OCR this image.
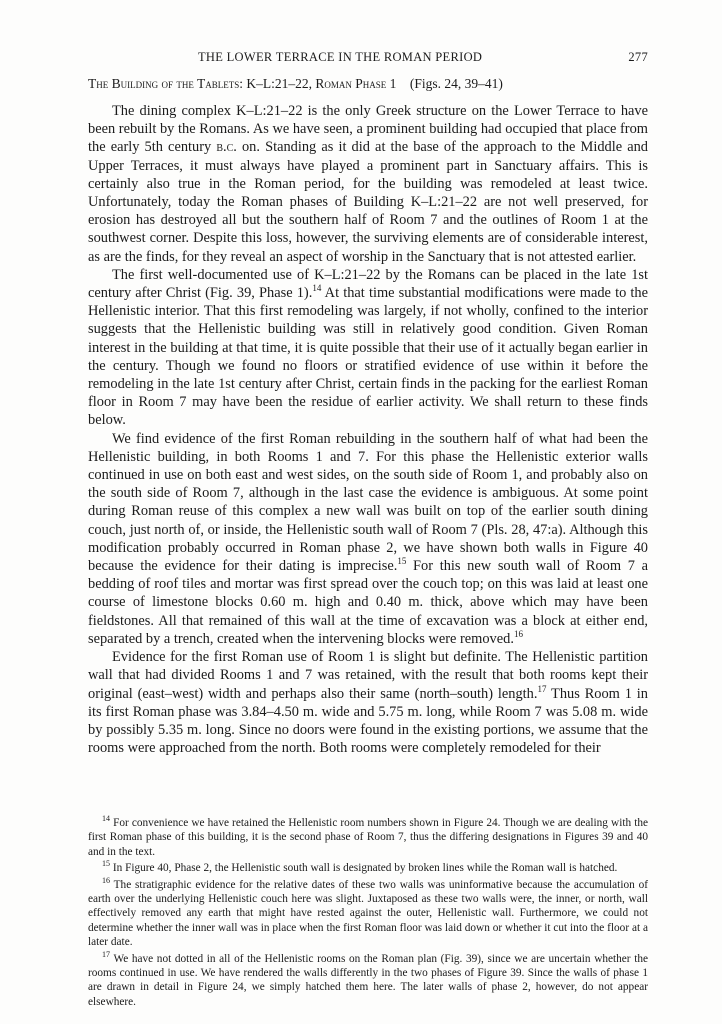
THE LOWER TERRACE IN THE ROMAN PERIOD	277
The Building of the Tablets: K–L:21–22, Roman Phase 1 (Figs. 24, 39–41)

The dining complex K–L:21–22 is the only Greek structure on the Lower Terrace to have been rebuilt by the Romans. As we have seen, a prominent building had occupied that place from the early 5th century b.c. on. Standing as it did at the base of the approach to the Middle and Upper Terraces, it must always have played a prominent part in Sanctuary affairs. This is certainly also true in the Roman period, for the building was remodeled at least twice. Unfortunately, today the Roman phases of Building K–L:21–22 are not well preserved, for erosion has destroyed all but the southern half of Room 7 and the outlines of Room 1 at the southwest corner. Despite this loss, however, the surviving elements are of considerable interest, as are the finds, for they reveal an aspect of worship in the Sanctuary that is not attested earlier.

The first well-documented use of K–L:21–22 by the Romans can be placed in the late 1st century after Christ (Fig. 39, Phase 1).$^{14}$ At that time substantial modifications were made to the Hellenistic interior. That this first remodeling was largely, if not wholly, confined to the interior suggests that the Hellenistic building was still in relatively good condition. Given Roman interest in the building at that time, it is quite possible that their use of it actually began earlier in the century. Though we found no floors or stratified evidence of use within it before the remodeling in the late 1st century after Christ, certain finds in the packing for the earliest Roman floor in Room 7 may have been the residue of earlier activity. We shall return to these finds below.

We find evidence of the first Roman rebuilding in the southern half of what had been the Hellenistic building, in both Rooms 1 and 7. For this phase the Hellenistic exterior walls continued in use on both east and west sides, on the south side of Room 1, and probably also on the south side of Room 7, although in the last case the evidence is ambiguous. At some point during Roman reuse of this complex a new wall was built on top of the earlier south dining couch, just north of, or inside, the Hellenistic south wall of Room 7 (Pls. 28, 47:a). Although this modification probably occurred in Roman phase 2, we have shown both walls in Figure 40 because the evidence for their dating is imprecise.$^{15}$ For this new south wall of Room 7 a bedding of roof tiles and mortar was first spread over the couch top; on this was laid at least one course of limestone blocks 0.60 m. high and 0.40 m. thick, above which may have been fieldstones. All that remained of this wall at the time of excavation was a block at either end, separated by a trench, created when the intervening blocks were removed.$^{16}$

Evidence for the first Roman use of Room 1 is slight but definite. The Hellenistic partition wall that had divided Rooms 1 and 7 was retained, with the result that both rooms kept their original (east–west) width and perhaps also their same (north–south) length.$^{17}$ Thus Room 1 in its first Roman phase was 3.84–4.50 m. wide and 5.75 m. long, while Room 7 was 5.08 m. wide by possibly 5.35 m. long. Since no doors were found in the existing portions, we assume that the rooms were approached from the north. Both rooms were completely remodeled for their

$^{14}$ For convenience we have retained the Hellenistic room numbers shown in Figure 24. Though we are dealing with the first Roman phase of this building, it is the second phase of Room 7, thus the differing designations in Figures 39 and 40 and in the text.

$^{15}$ In Figure 40, Phase 2, the Hellenistic south wall is designated by broken lines while the Roman wall is hatched.

$^{16}$ The stratigraphic evidence for the relative dates of these two walls was uninformative because the accumulation of earth over the underlying Hellenistic couch here was slight. Juxtaposed as these two walls were, the inner, or north, wall effectively removed any earth that might have rested against the outer, Hellenistic wall. Furthermore, we could not determine whether the inner wall was in place when the first Roman floor was laid down or whether it cut into the floor at a later date.

$^{17}$ We have not dotted in all of the Hellenistic rooms on the Roman plan (Fig. 39), since we are uncertain whether the rooms continued in use. We have rendered the walls differently in the two phases of Figure 39. Since the walls of phase 1 are drawn in detail in Figure 24, we simply hatched them here. The later walls of phase 2, however, do not appear elsewhere.
